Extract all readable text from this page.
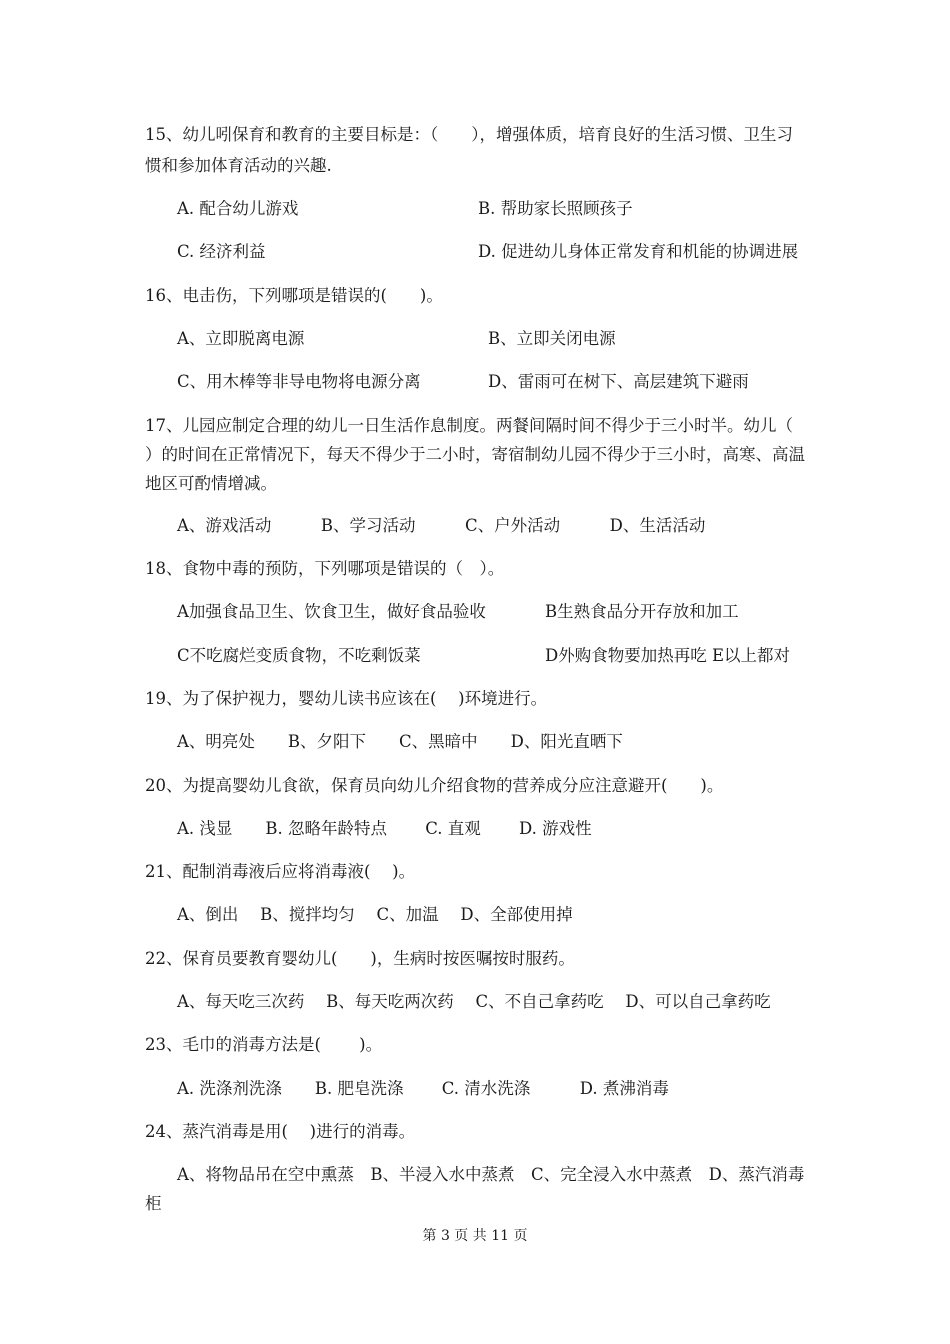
15、幼儿吲保育和教育的主要目标是：（　　），增强体质，培育良好的生活习惯、卫生习
惯和参加体育活动的兴趣.
A. 配合幼儿游戏	B. 帮助家长照顾孩子
C. 经济利益	D. 促进幼儿身体正常发育和机能的协调进展
16、电击伤，下列哪项是错误的(　　)。
A、立即脱离电源	B、立即关闭电源
C、用木棒等非导电物将电源分离	D、雷雨可在树下、高层建筑下避雨
17、儿园应制定合理的幼儿一日生活作息制度。两餐间隔时间不得少于三小时半。幼儿（
）的时间在正常情况下，每天不得少于二小时，寄宿制幼儿园不得少于三小时，高寒、高温
地区可酌情增减。
A、游戏活动　　　B、学习活动　　　C、户外活动　　　D、生活活动
18、食物中毒的预防，下列哪项是错误的（　）。
A加强食品卫生、饮食卫生，做好食品验收	B生熟食品分开存放和加工
C不吃腐烂变质食物，不吃剩饭菜	D外购食物要加热再吃 E以上都对
19、为了保护视力，婴幼儿读书应该在(　 )环境进行。
A、明亮处　　B、夕阳下　　C、黑暗中　　D、阳光直晒下
20、为提高婴幼儿食欲，保育员向幼儿介绍食物的营养成分应注意避开(　　)。
A. 浅显　　B. 忽略年龄特点　　 C. 直观　　 D. 游戏性
21、配制消毒液后应将消毒液(　 )。
A、倒出　 B、搅拌均匀　 C、加温　 D、全部使用掉
22、保育员要教育婴幼儿(　　)，生病时按医嘱按时服药。
A、每天吃三次药　 B、每天吃两次药　 C、不自己拿药吃　 D、可以自己拿药吃
23、毛巾的消毒方法是(　　 )。
A. 洗涤剂洗涤　　B. 肥皂洗涤　　 C. 清水洗涤　　　D. 煮沸消毒
24、蒸汽消毒是用(　 )进行的消毒。
A、将物品吊在空中熏蒸　B、半浸入水中蒸煮　C、完全浸入水中蒸煮　D、蒸汽消毒
柜
第 3 页 共 11 页
